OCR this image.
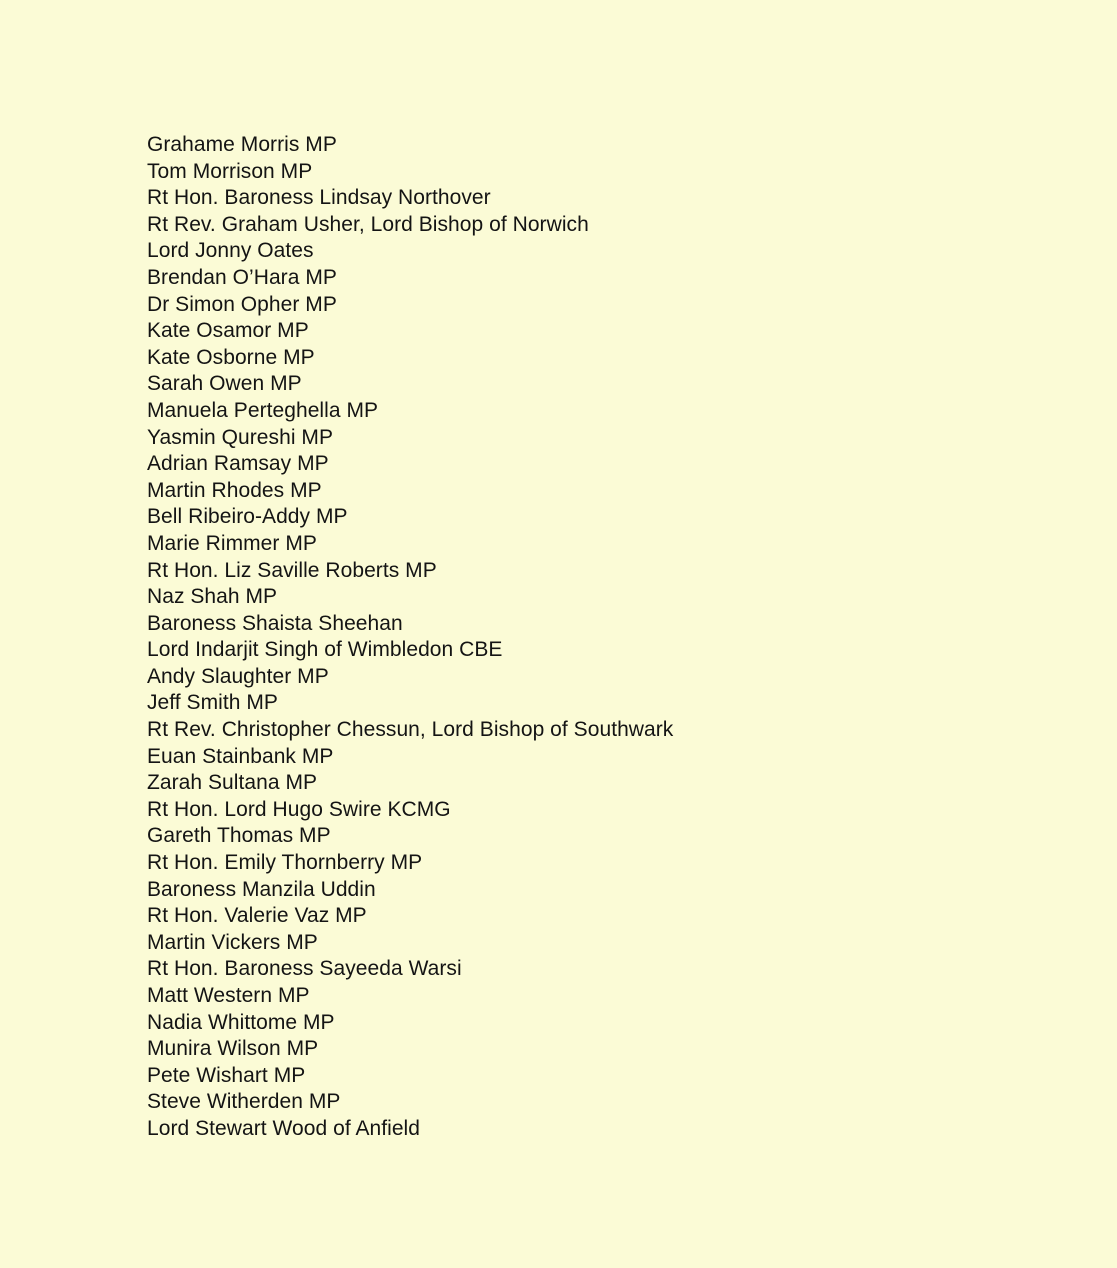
Grahame Morris MP
Tom Morrison MP
Rt Hon. Baroness Lindsay Northover
Rt Rev. Graham Usher, Lord Bishop of Norwich
Lord Jonny Oates
Brendan O’Hara MP
Dr Simon Opher MP
Kate Osamor MP
Kate Osborne MP
Sarah Owen MP
Manuela Perteghella MP
Yasmin Qureshi MP
Adrian Ramsay MP
Martin Rhodes MP
Bell Ribeiro-Addy MP
Marie Rimmer MP
Rt Hon. Liz Saville Roberts MP
Naz Shah MP
Baroness Shaista Sheehan
Lord Indarjit Singh of Wimbledon CBE
Andy Slaughter MP
Jeff Smith MP
Rt Rev. Christopher Chessun, Lord Bishop of Southwark
Euan Stainbank MP
Zarah Sultana MP
Rt Hon. Lord Hugo Swire KCMG
Gareth Thomas MP
Rt Hon. Emily Thornberry MP
Baroness Manzila Uddin
Rt Hon. Valerie Vaz MP
Martin Vickers MP
Rt Hon. Baroness Sayeeda Warsi
Matt Western MP
Nadia Whittome MP
Munira Wilson MP
Pete Wishart MP
Steve Witherden MP
Lord Stewart Wood of Anfield
